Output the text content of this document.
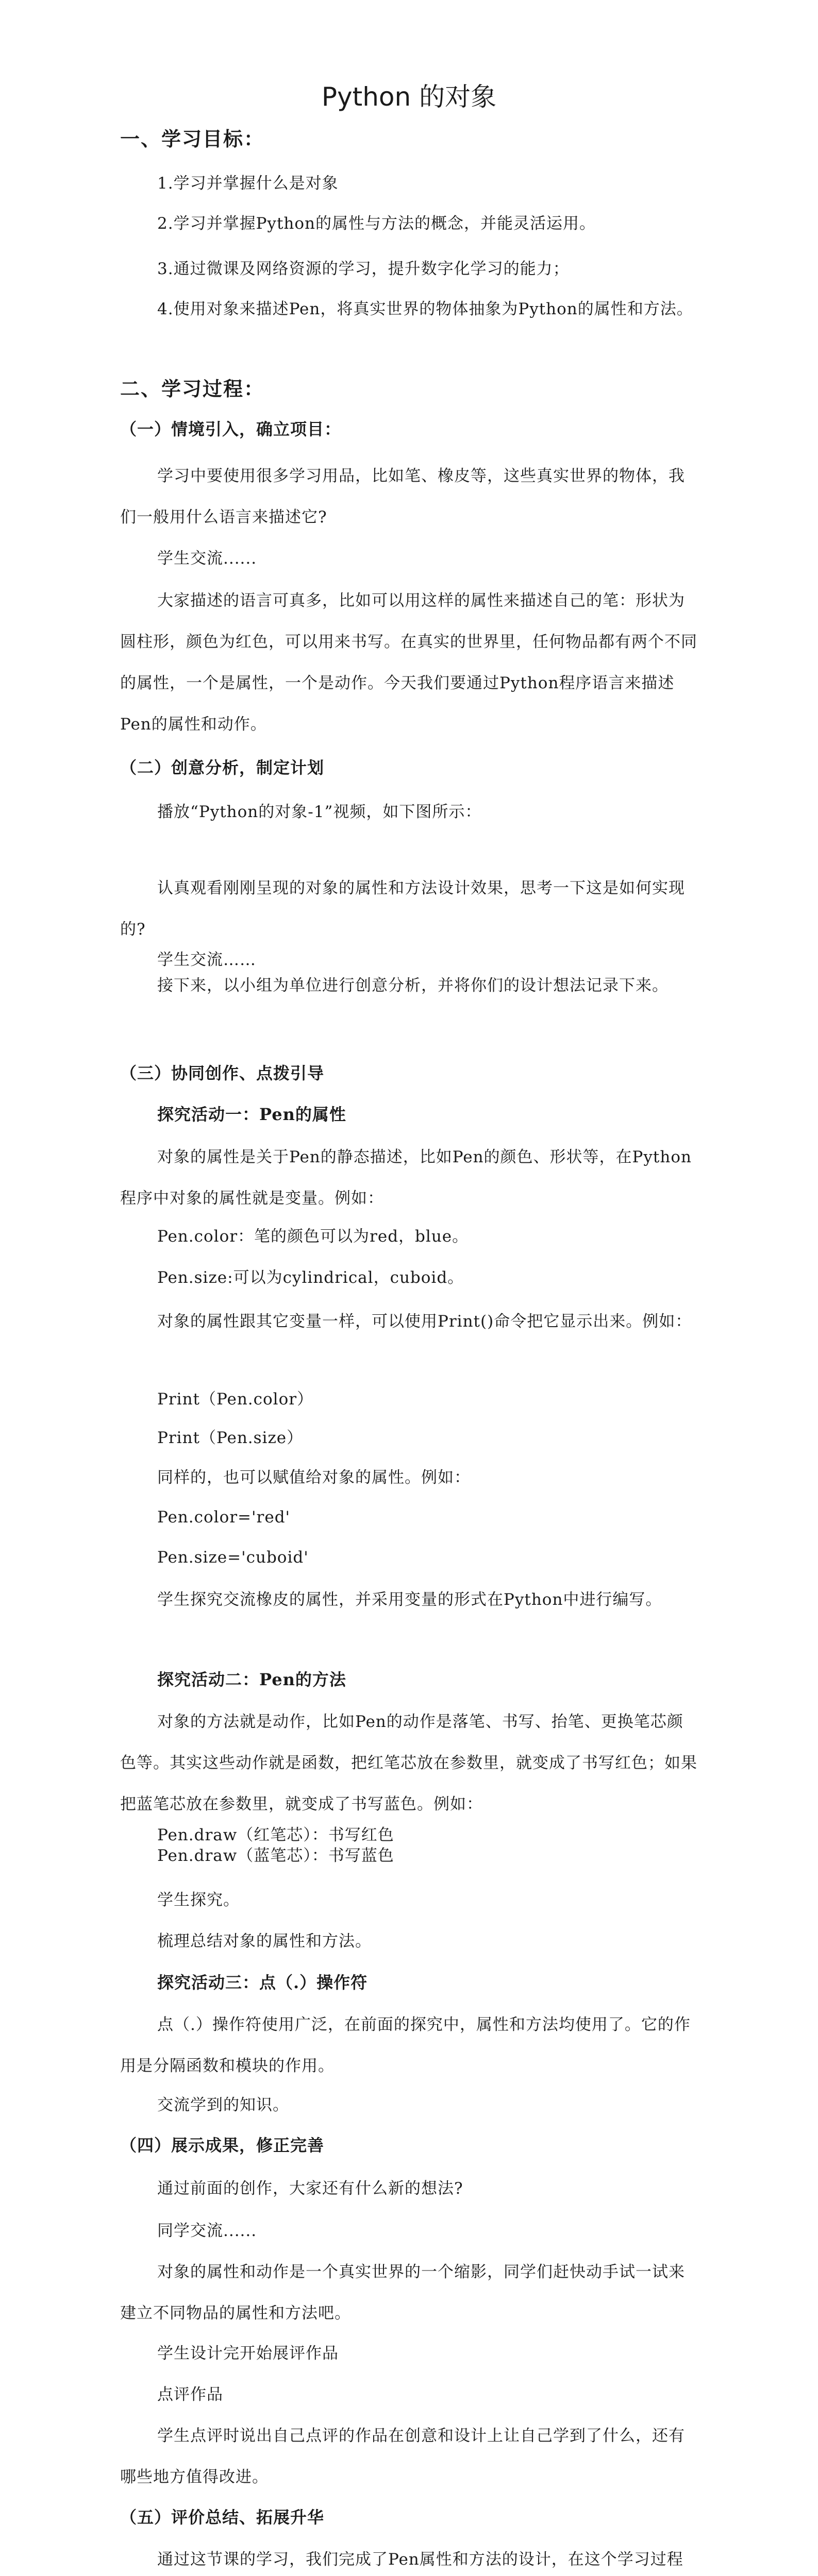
Python 的对象
一、学习目标：
1.学习并掌握什么是对象
2.学习并掌握Python的属性与方法的概念，并能灵活运用。
3.通过微课及网络资源的学习，提升数字化学习的能力；
4.使用对象来描述Pen，将真实世界的物体抽象为Python的属性和方法。
二、学习过程：
（一）情境引入，确立项目：
学习中要使用很多学习用品，比如笔、橡皮等，这些真实世界的物体，我们一般用什么语言来描述它?
学生交流......
大家描述的语言可真多，比如可以用这样的属性来描述自己的笔：形状为圆柱形，颜色为红色，可以用来书写。在真实的世界里，任何物品都有两个不同的属性，一个是属性，一个是动作。今天我们要通过Python程序语言来描述Pen的属性和动作。
（二）创意分析，制定计划
播放“Python的对象-1”视频，如下图所示：
认真观看刚刚呈现的对象的属性和方法设计效果，思考一下这是如何实现的?
学生交流……
接下来，以小组为单位进行创意分析，并将你们的设计想法记录下来。
（三）协同创作、点拨引导
探究活动一：Pen的属性
对象的属性是关于Pen的静态描述，比如Pen的颜色、形状等，在Python程序中对象的属性就是变量。例如：
Pen.color：笔的颜色可以为red，blue。
Pen.size:可以为cylindrical，cuboid。
对象的属性跟其它变量一样，可以使用Print()命令把它显示出来。例如：
Print（Pen.color）
Print（Pen.size）
同样的，也可以赋值给对象的属性。例如：
Pen.color='red'
Pen.size='cuboid'
学生探究交流橡皮的属性，并采用变量的形式在Python中进行编写。
探究活动二：Pen的方法
对象的方法就是动作，比如Pen的动作是落笔、书写、抬笔、更换笔芯颜色等。其实这些动作就是函数，把红笔芯放在参数里，就变成了书写红色；如果把蓝笔芯放在参数里，就变成了书写蓝色。例如：
Pen.draw（红笔芯）：书写红色
Pen.draw（蓝笔芯）：书写蓝色
学生探究。
梳理总结对象的属性和方法。
探究活动三：点（.）操作符
点（.）操作符使用广泛，在前面的探究中，属性和方法均使用了。它的作用是分隔函数和模块的作用。
交流学到的知识。
（四）展示成果，修正完善
通过前面的创作，大家还有什么新的想法?
同学交流......
对象的属性和动作是一个真实世界的一个缩影，同学们赶快动手试一试来建立不同物品的属性和方法吧。
学生设计完开始展评作品
点评作品
学生点评时说出自己点评的作品在创意和设计上让自己学到了什么，还有哪些地方值得改进。
（五）评价总结、拓展升华
通过这节课的学习，我们完成了Pen属性和方法的设计，在这个学习过程
